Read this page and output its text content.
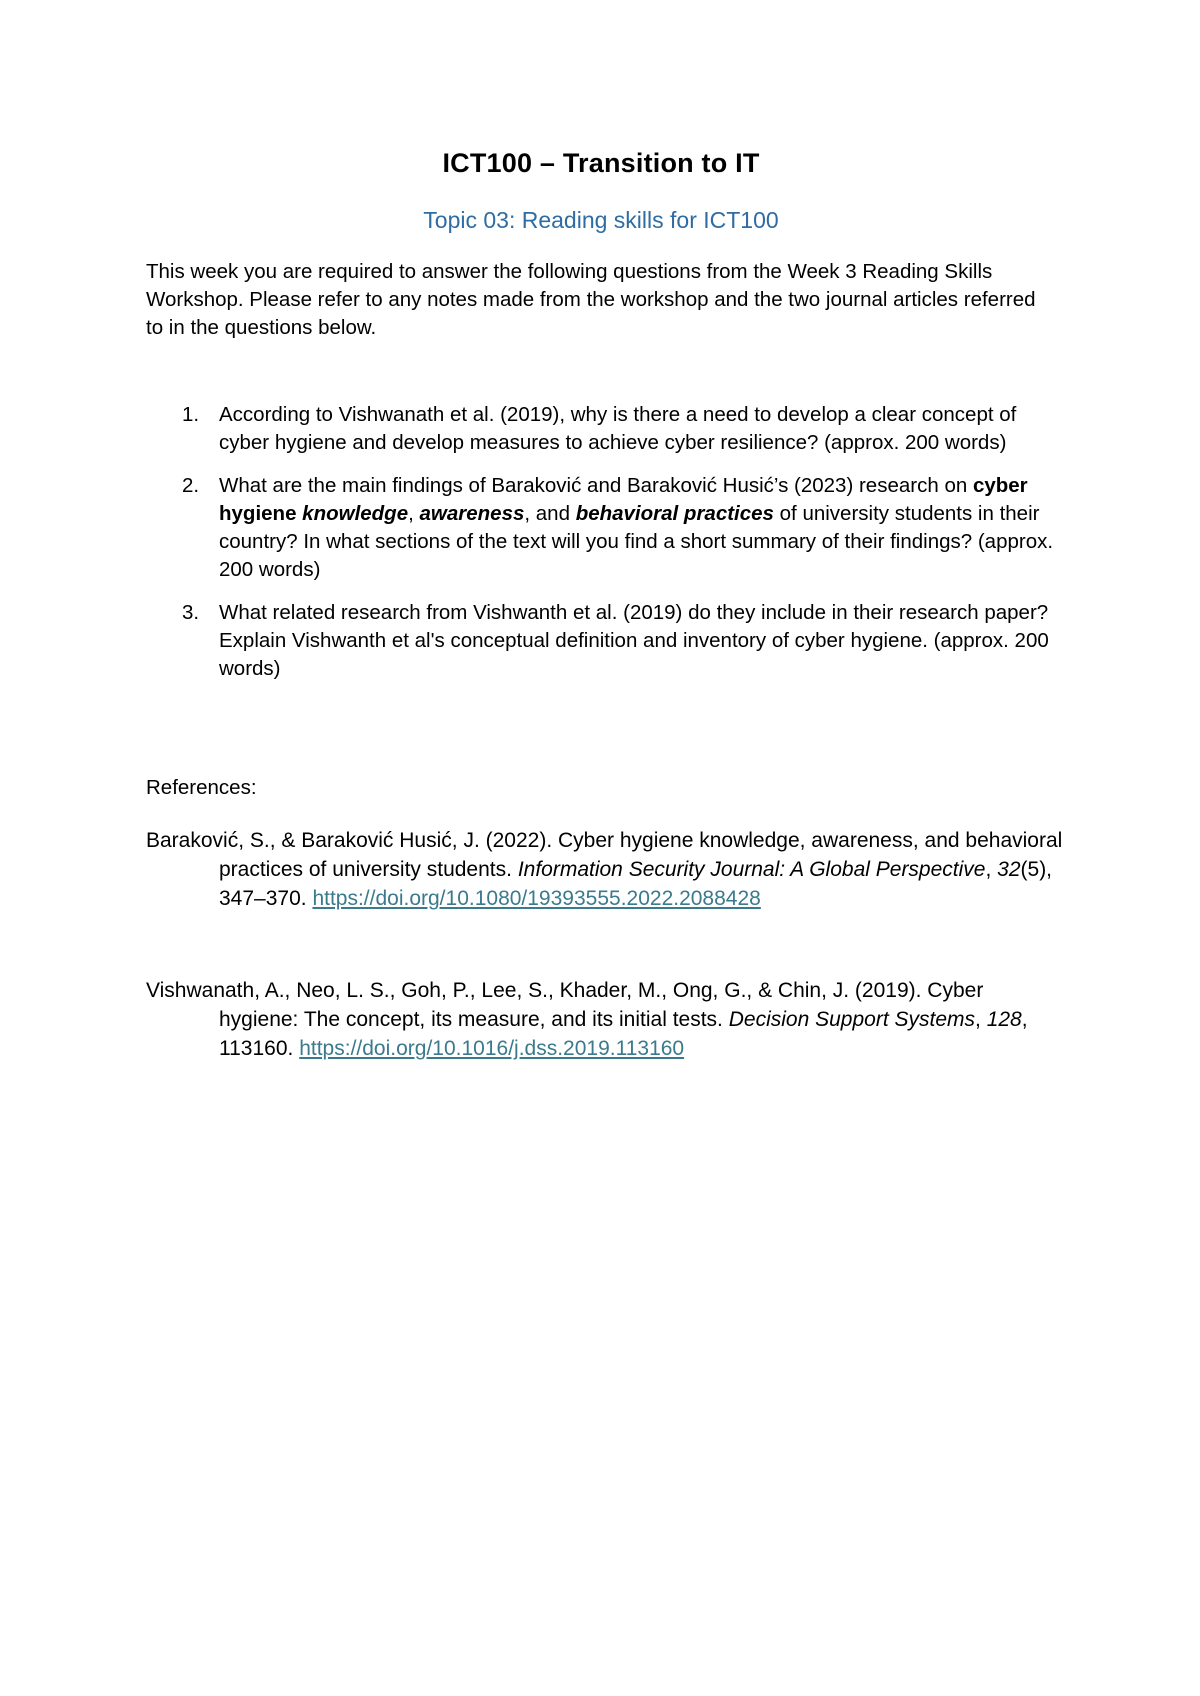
ICT100 – Transition to IT
Topic 03: Reading skills for ICT100
This week you are required to answer the following questions from the Week 3 Reading Skills Workshop. Please refer to any notes made from the workshop and the two journal articles referred to in the questions below.
1. According to Vishwanath et al. (2019), why is there a need to develop a clear concept of cyber hygiene and develop measures to achieve cyber resilience? (approx. 200 words)
2. What are the main findings of Baraković and Baraković Husić’s (2023) research on cyber hygiene knowledge, awareness, and behavioral practices of university students in their country? In what sections of the text will you find a short summary of their findings? (approx. 200 words)
3. What related research from Vishwanth et al. (2019) do they include in their research paper? Explain Vishwanth et al's conceptual definition and inventory of cyber hygiene. (approx. 200 words)
References:
Baraković, S., & Baraković Husić, J. (2022). Cyber hygiene knowledge, awareness, and behavioral practices of university students. Information Security Journal: A Global Perspective, 32(5), 347–370. https://doi.org/10.1080/19393555.2022.2088428
Vishwanath, A., Neo, L. S., Goh, P., Lee, S., Khader, M., Ong, G., & Chin, J. (2019). Cyber hygiene: The concept, its measure, and its initial tests. Decision Support Systems, 128, 113160. https://doi.org/10.1016/j.dss.2019.113160
